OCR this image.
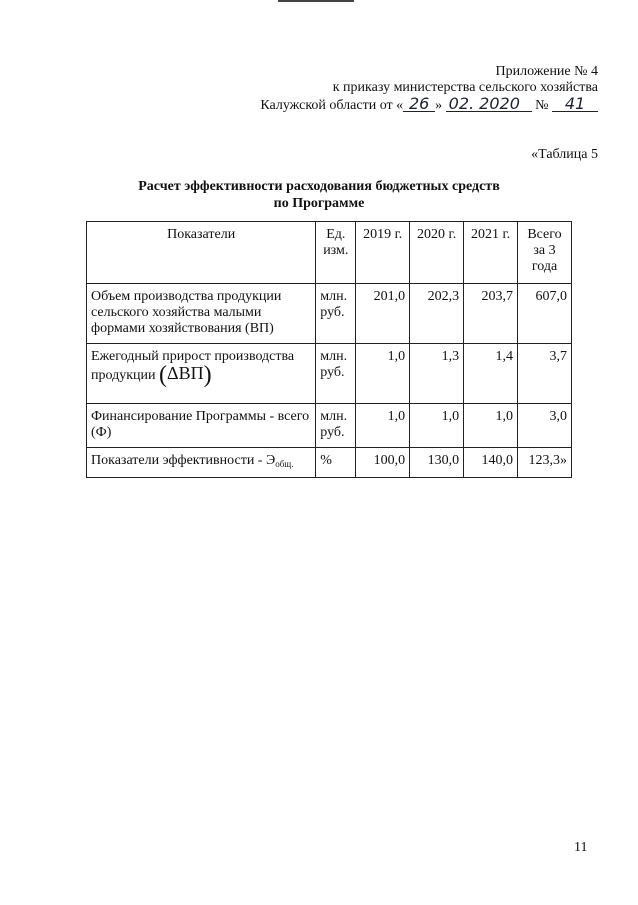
Приложение № 4
к приказу министерства сельского хозяйства
Калужской области от « 26 » 02. 2020 № 41
«Таблица 5
Расчет эффективности расходования бюджетных средств
по Программе
Показатели	Ед. изм.	2019 г.	2020 г.	2021 г.	Всего за 3 года
Объем производства продукции сельского хозяйства малыми формами хозяйствования (ВП)	млн. руб.	201,0	202,3	203,7	607,0
Ежегодный прирост производства продукции (ΔВП)	млн. руб.	1,0	1,3	1,4	3,7
Финансирование Программы - всего (Ф)	млн. руб.	1,0	1,0	1,0	3,0
Показатели эффективности - $Э_{общ.}$	%	100,0	130,0	140,0	123,3»
11
